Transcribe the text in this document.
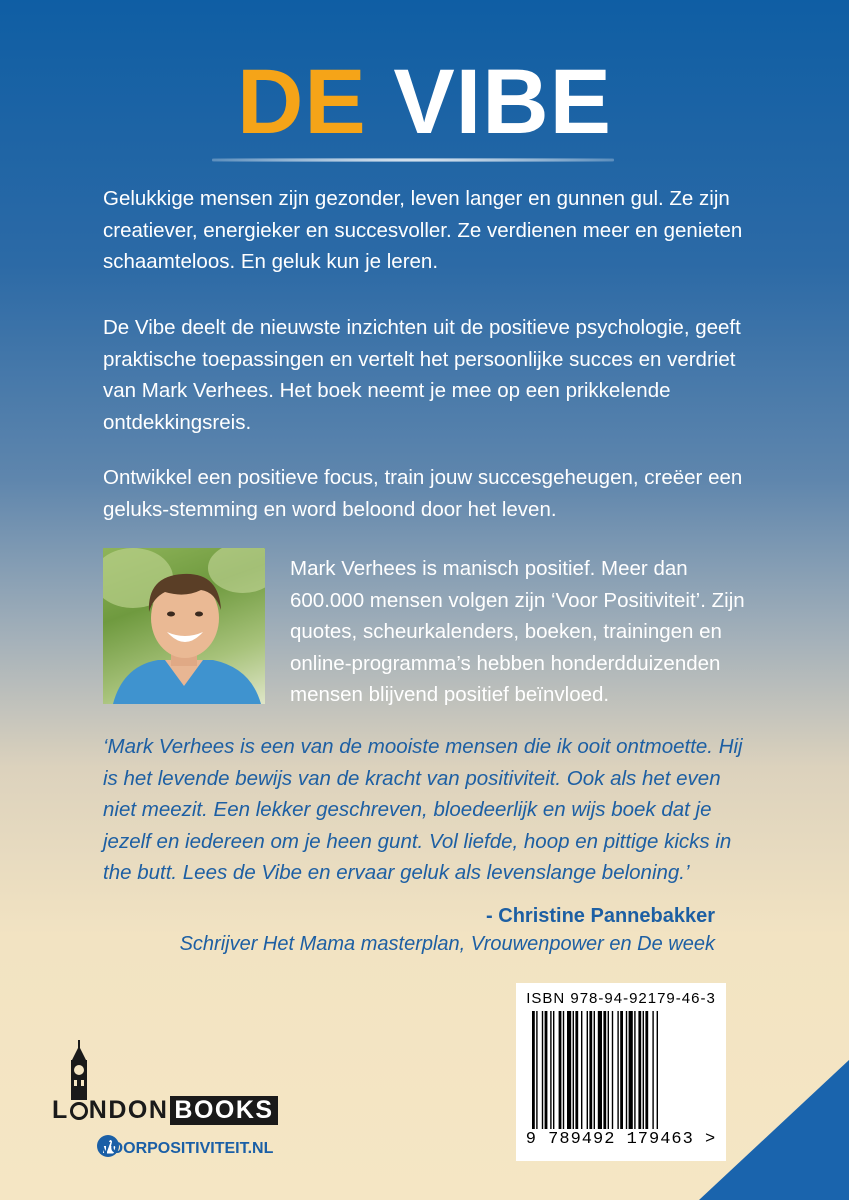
DE VIBE

Gelukkige mensen zijn gezonder, leven langer en gunnen gul. Ze zijn creatiever, energieker en succesvoller. Ze verdienen meer en genieten schaamteloos. En geluk kun je leren.

De Vibe deelt de nieuwste inzichten uit de positieve psychologie, geeft praktische toepassingen en vertelt het persoonlijke succes en verdriet van Mark Verhees. Het boek neemt je mee op een prikkelende ontdekkingsreis.

Ontwikkel een positieve focus, train jouw succesgeheugen, creëer een geluks-stemming en word beloond door het leven.

Mark Verhees is manisch positief. Meer dan 600.000 mensen volgen zijn ‘Voor Positiviteit’. Zijn quotes, scheurkalenders, boeken, trainingen en online-programma’s hebben honderdduizenden mensen blijvend positief beïnvloed.

‘Mark Verhees is een van de mooiste mensen die ik ooit ontmoette. Hij is het levende bewijs van de kracht van positiviteit. Ook als het even niet meezit. Een lekker geschreven, bloedeerlijk en wijs boek dat je jezelf en iedereen om je heen gunt. Vol liefde, hoop en pittige kicks in the butt. Lees de Vibe en ervaar geluk als levenslange beloning.’

- Christine Pannebakker

Schrijver Het Mama masterplan, Vrouwenpower en De week

ISBN 978-94-92179-46-3
9 789492 179463 >
L NDON BOOKS
VOORPOSITIVITEIT.NL
